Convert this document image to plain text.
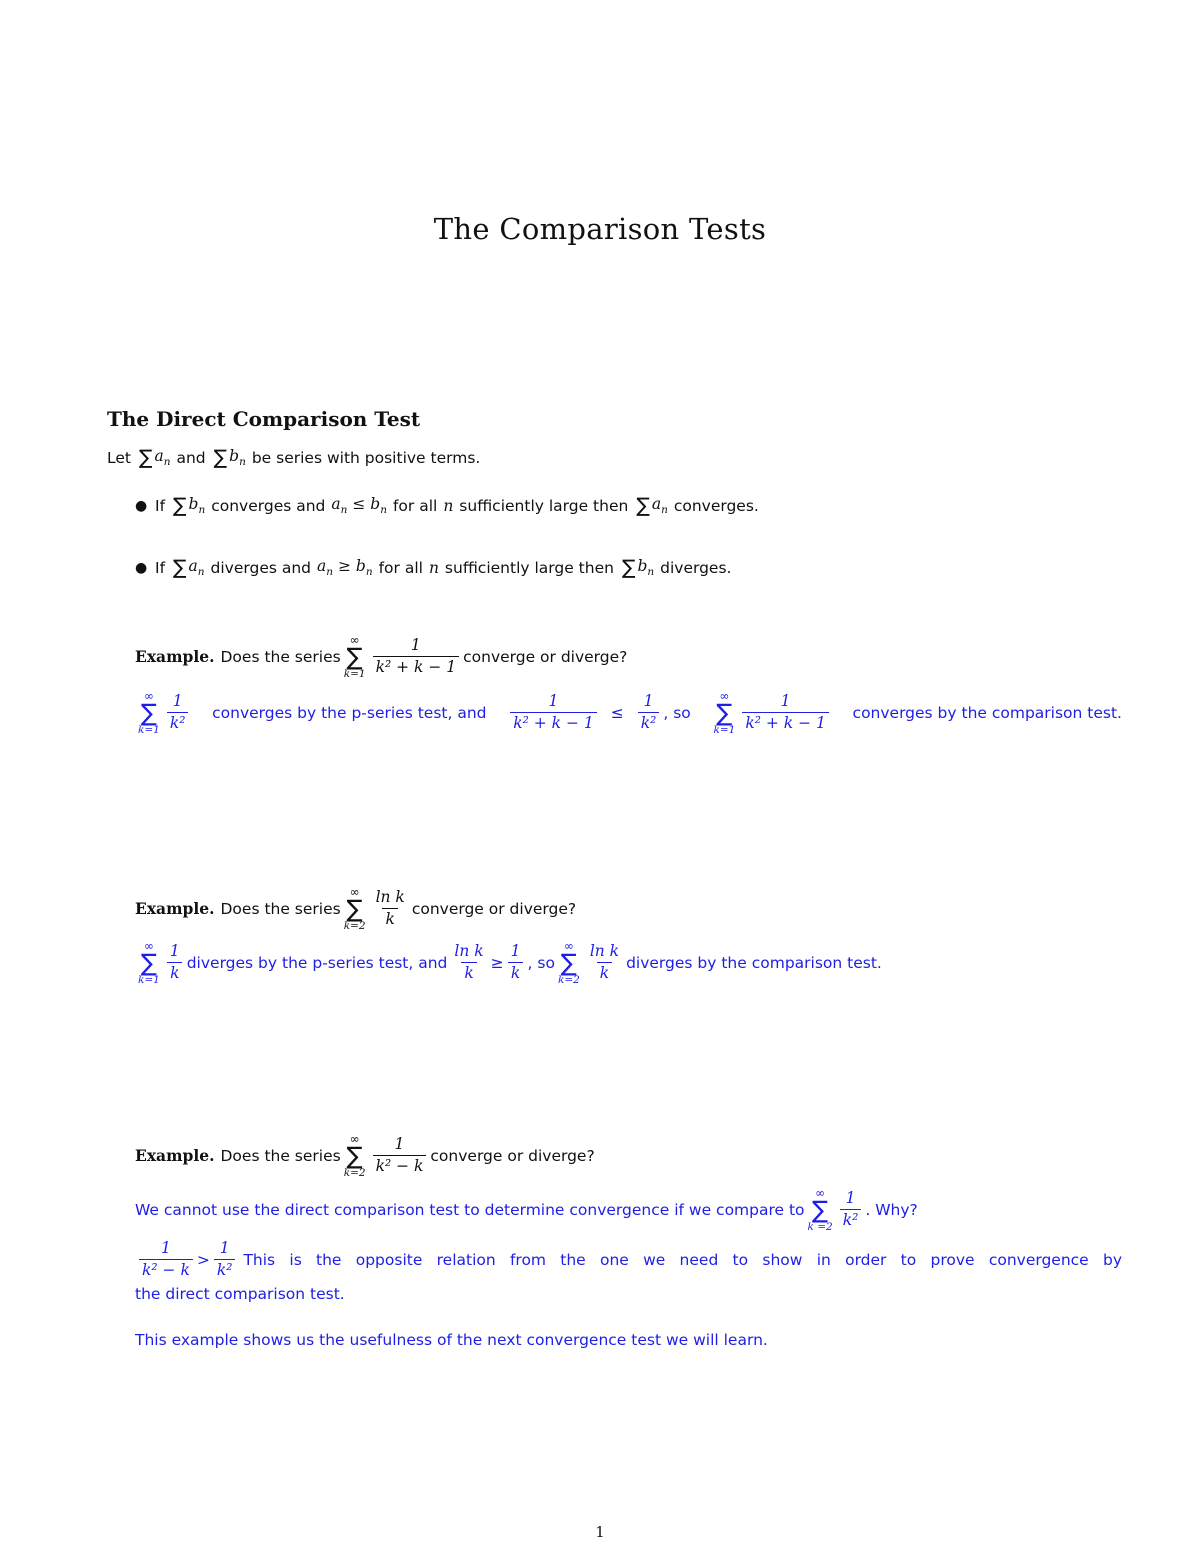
The Comparison Tests
The Direct Comparison Test
Let ∑ $a_n$ and ∑ $b_n$ be series with positive terms.
● If ∑ $b_n$ converges and $a_n \le b_n$ for all n sufficiently large then ∑ $a_n$ converges.
● If ∑ $a_n$ diverges and $a_n \ge b_n$ for all n sufficiently large then ∑ $b_n$ diverges.
Example. Does the series
∞
∑
$k=1 \frac{1}{\text{k² + k − 1}}$ converge or diverge?
∞
∑
$k=1 \frac{1}{\text{k²}}$ converges by the p-series test, and $\frac{1}{\text{k² + k − 1}} \le \frac{1}{\text{k²}}$ , so
∞
∑
$k=1 \frac{1}{\text{k² + k − 1}}$ converges by the comparison test.
Example. Does the series
∞
∑
$k=2 \frac{\text{ln k}}{k}$ converge or diverge?
∞
∑
$k=1 \frac{1}{k}$ diverges by the p-series test, and $\frac{\text{ln k}}{k} \ge \frac{1}{k}$ , so
∞
∑
$k=2 \frac{\text{ln k}}{k}$ diverges by the comparison test.
Example. Does the series
∞
∑
$k=2 \frac{1}{\text{k² − k}}$ converge or diverge?
We cannot use the direct comparison test to determine convergence if we compare to
∞
∑
$k =2 \frac{1}{\text{k²}}$ . Why?
$\frac{1}{\text{k² − k}} > \frac{1}{\text{k²}}$ This is the opposite relation from the one we need to show in order to prove convergence by
the direct comparison test.
This example shows us the usefulness of the next convergence test we will learn.
1
